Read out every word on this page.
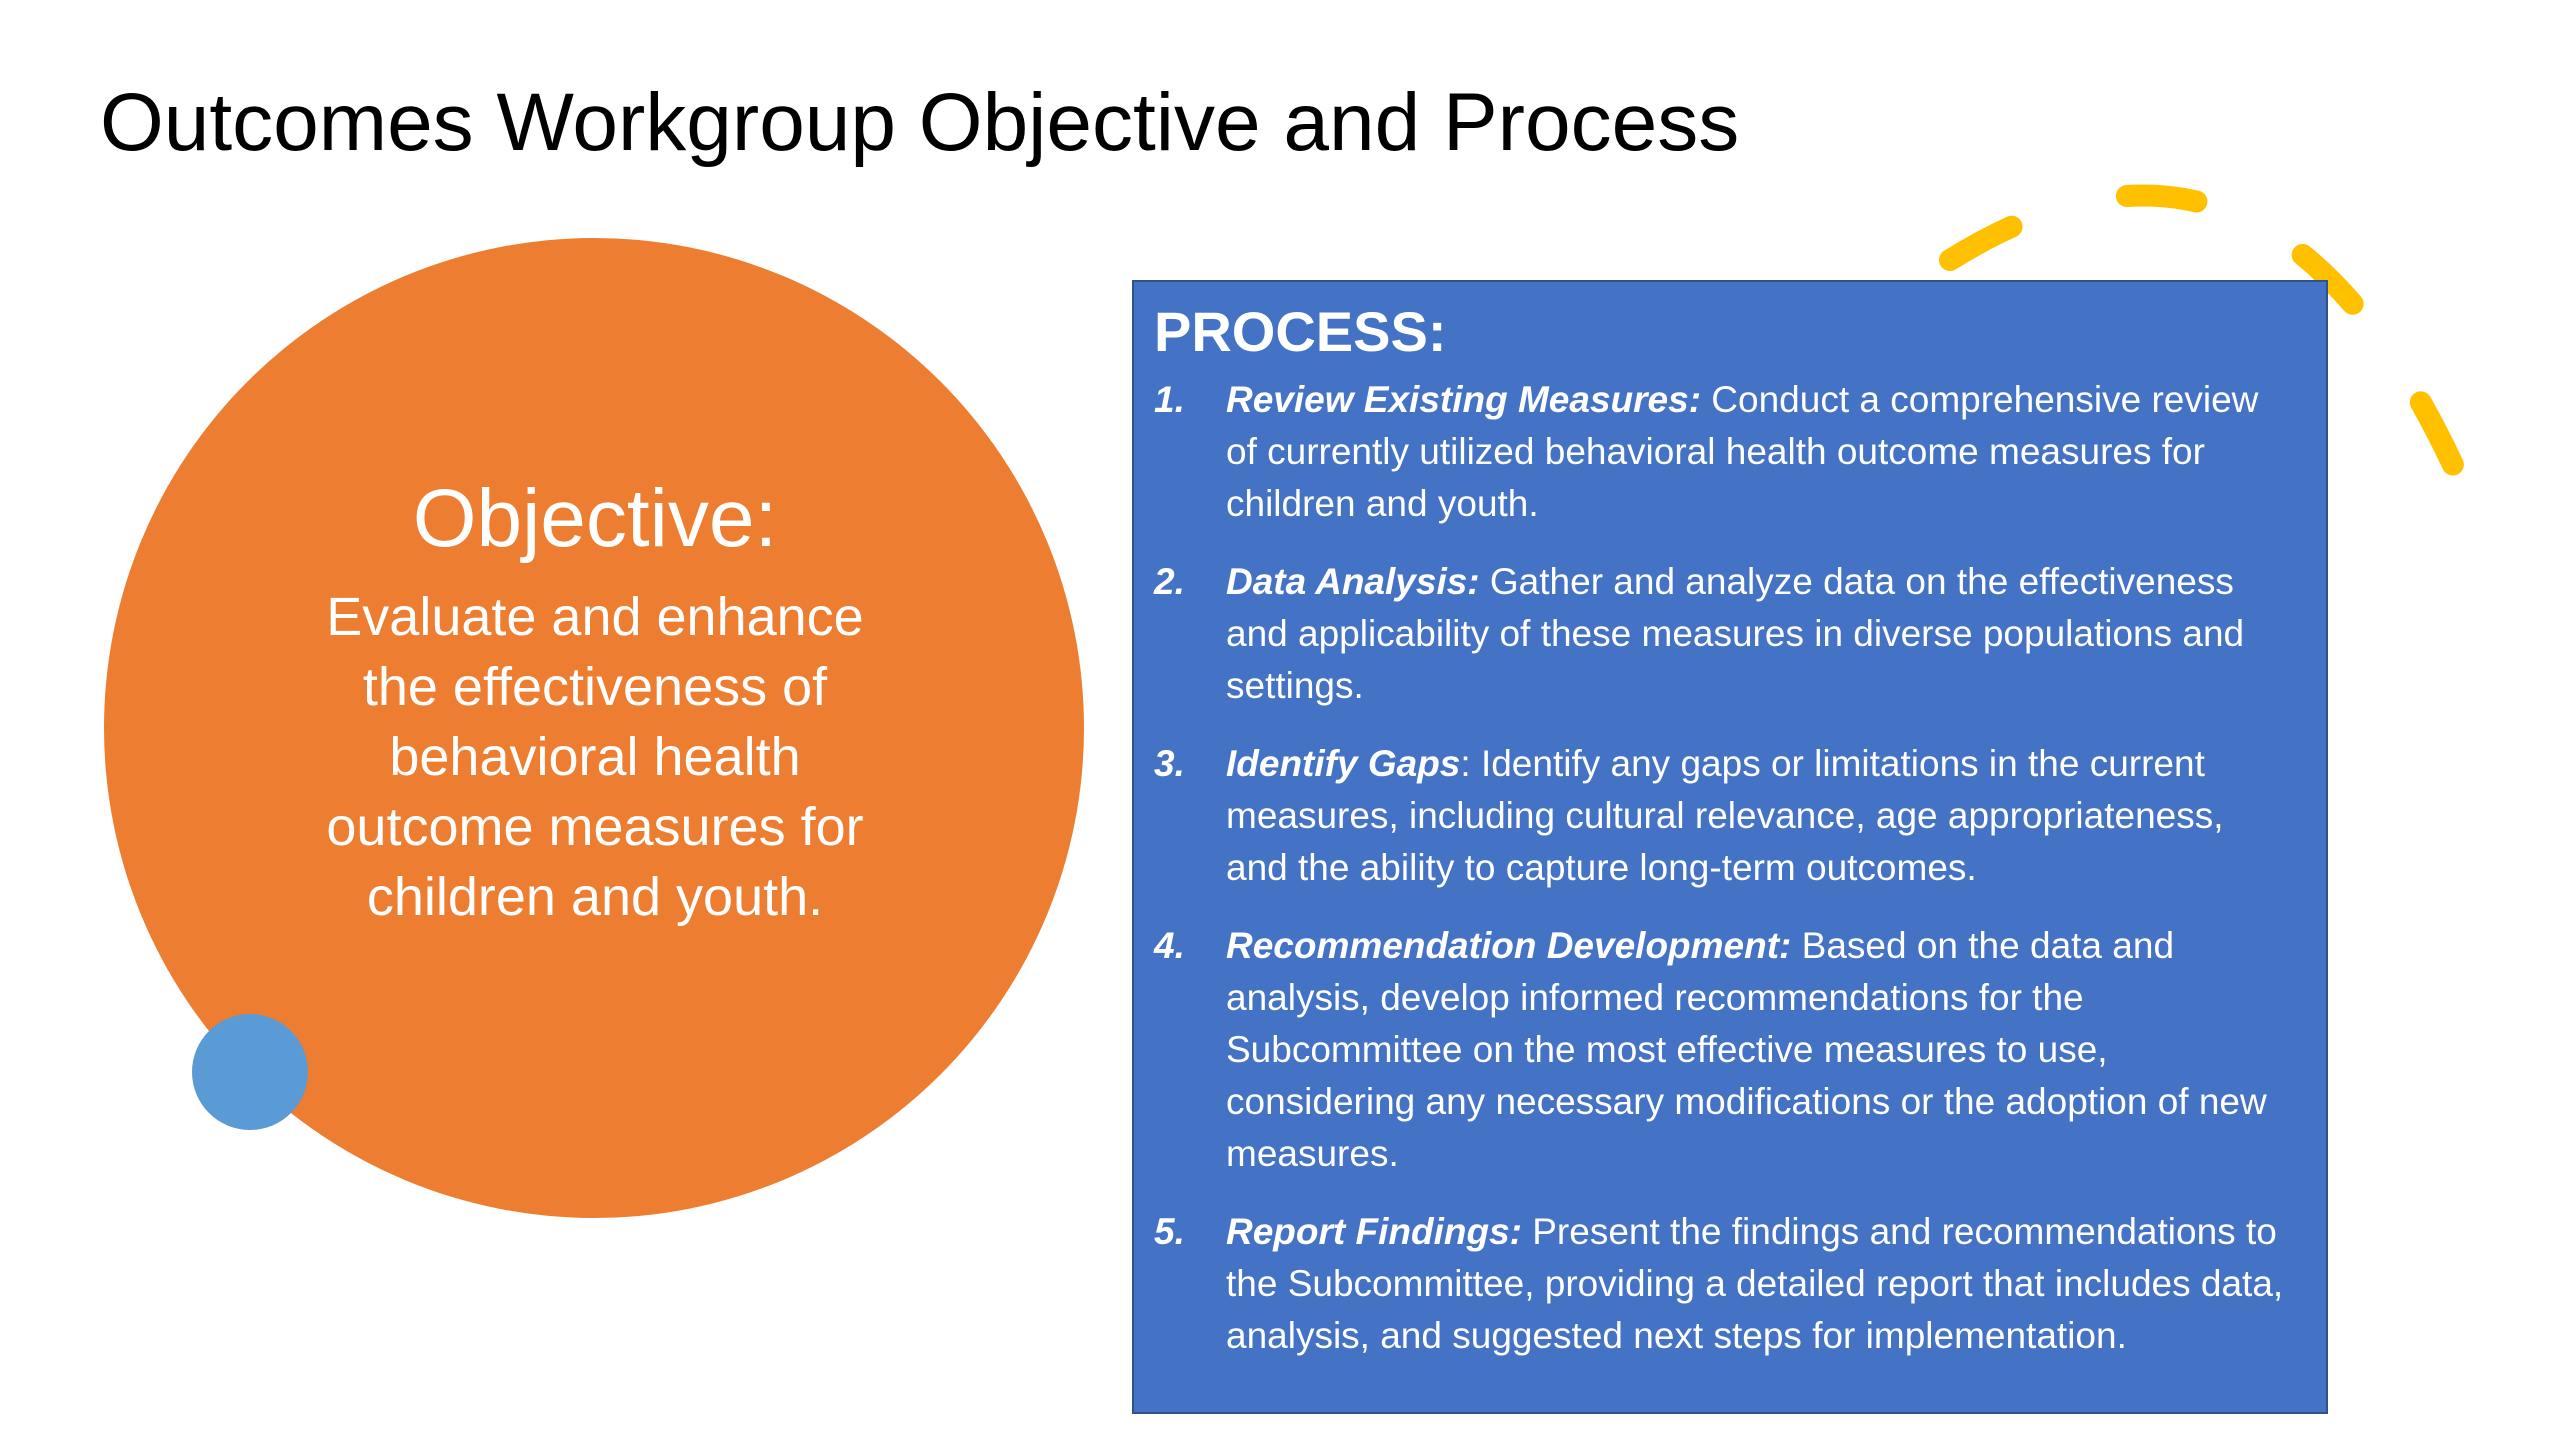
Outcomes Workgroup Objective and Process
Objective:

Evaluate and enhance the effectiveness of behavioral health outcome measures for children and youth.

PROCESS:
1. Review Existing Measures: Conduct a comprehensive review of currently utilized behavioral health outcome measures for children and youth.
2. Data Analysis: Gather and analyze data on the effectiveness and applicability of these measures in diverse populations and settings.
3. Identify Gaps: Identify any gaps or limitations in the current measures, including cultural relevance, age appropriateness, and the ability to capture long-term outcomes.
4. Recommendation Development: Based on the data and analysis, develop informed recommendations for the Subcommittee on the most effective measures to use, considering any necessary modifications or the adoption of new measures.
5. Report Findings: Present the findings and recommendations to the Subcommittee, providing a detailed report that includes data, analysis, and suggested next steps for implementation.
